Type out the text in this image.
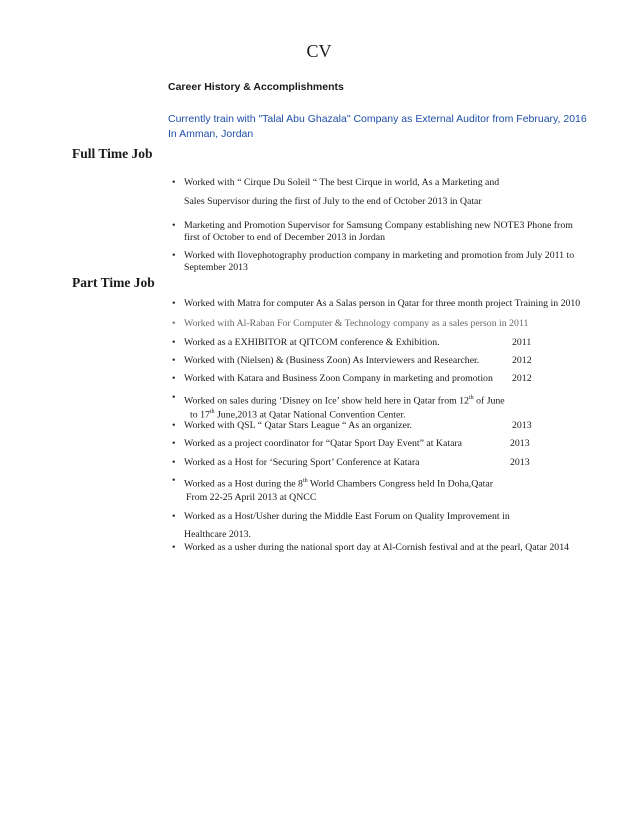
CV
Career History & Accomplishments
Currently train with "Talal Abu Ghazala" Company as External Auditor from February, 2016
In Amman, Jordan
Full Time Job
• Worked with “ Cirque Du Soleil “ The best Cirque in world, As a Marketing and
Sales Supervisor during the first of July to the end of October 2013 in Qatar
• Marketing and Promotion Supervisor for Samsung Company establishing new NOTE3 Phone from
first of October to end of December 2013 in Jordan
• Worked with Ilovephotography production company in marketing and promotion from July 2011 to
September 2013
Part Time Job
• Worked with Matra for computer As a Salas person in Qatar for three month project Training in 2010
• Worked with Al-Raban For Computer & Technology company as a sales person in 2011
• Worked as a EXHIBITOR at QITCOM conference & Exhibition.	2011
• Worked with (Nielsen) & (Business Zoon) As Interviewers and Researcher.	2012
• Worked with Katara and Business Zoon Company in marketing and promotion	2012
• Worked on sales during ‘Disney on Ice’ show held here in Qatar from 12th of June
to 17th June,2013 at Qatar National Convention Center.
• Worked with QSL “ Qatar Stars League “ As an organizer.	2013
• Worked as a project coordinator for “Qatar Sport Day Event” at Katara	2013
• Worked as a Host for ‘Securing Sport’ Conference at Katara	2013
• Worked as a Host during the 8th World Chambers Congress held In Doha,Qatar
From 22-25 April 2013 at QNCC
• Worked as a Host/Usher during the Middle East Forum on Quality Improvement in
Healthcare 2013.
• Worked as a usher during the national sport day at Al-Cornish festival and at the pearl, Qatar 2014
